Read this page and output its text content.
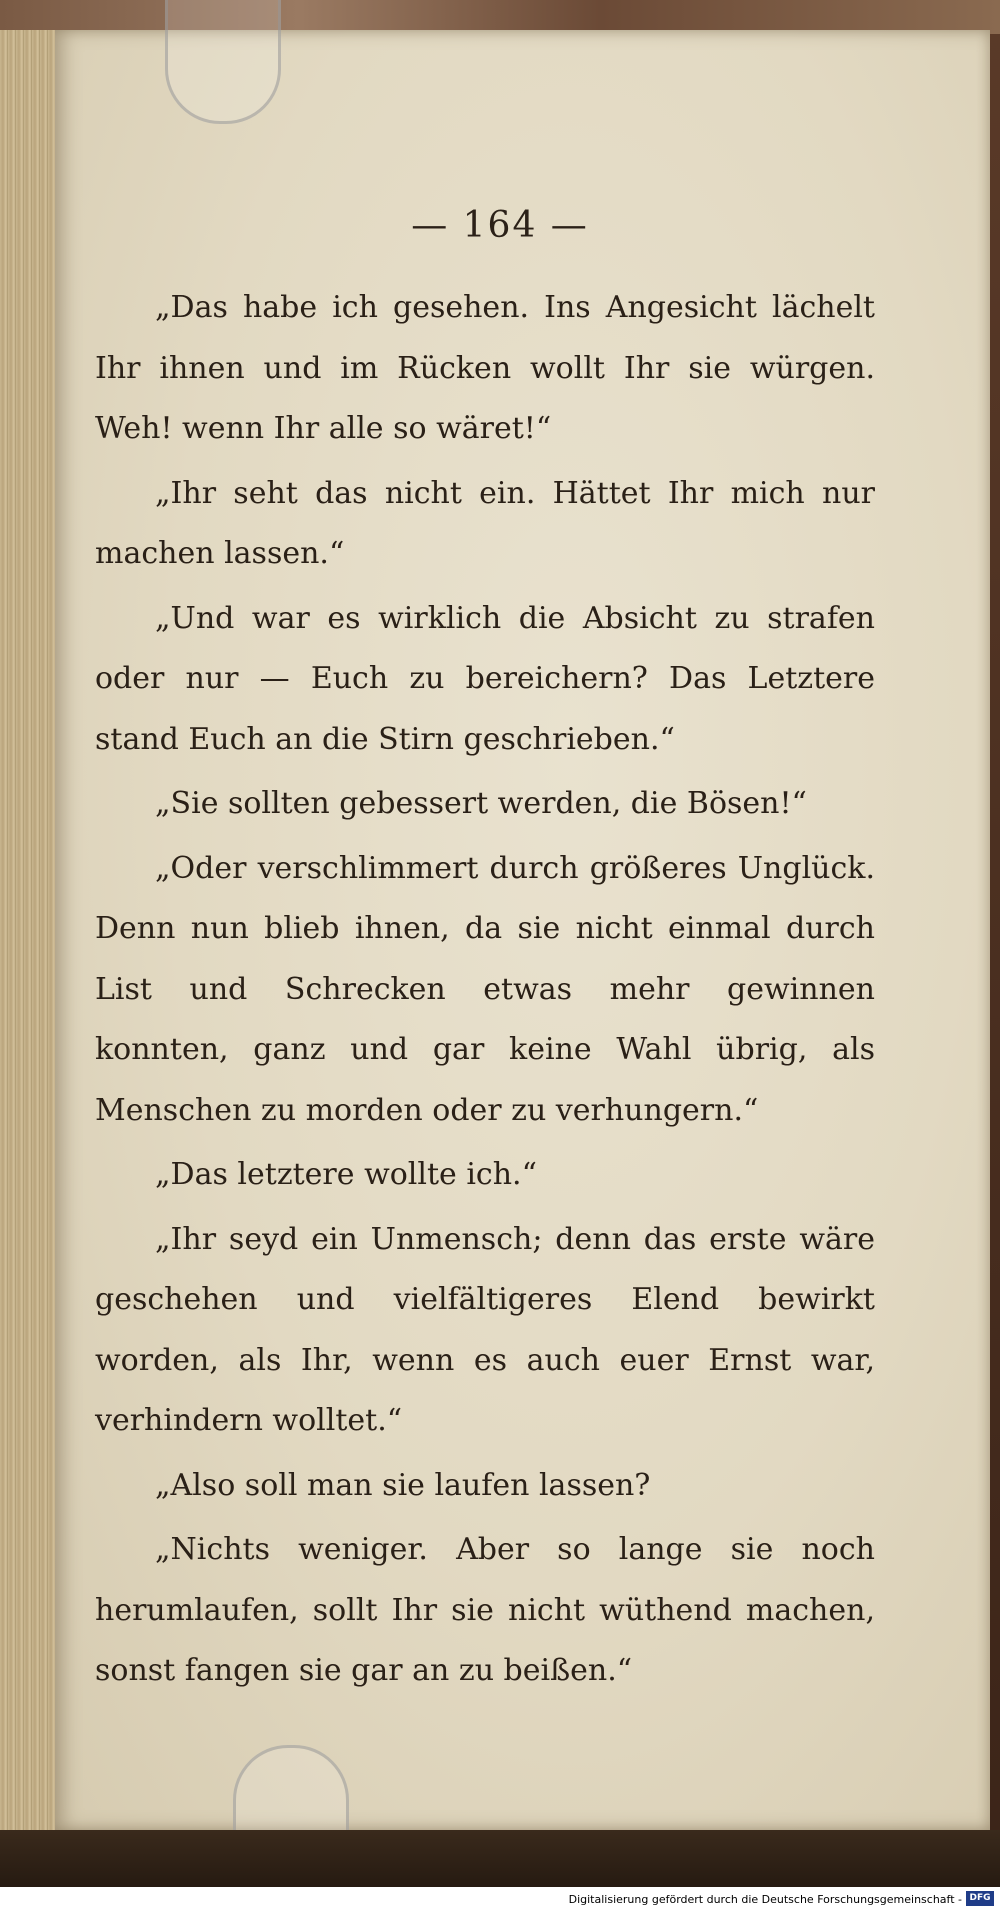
— 164 —

„Das habe ich gesehen. Ins Angesicht lächelt Ihr ihnen und im Rücken wollt Ihr sie würgen. Weh! wenn Ihr alle so wäret!“

„Ihr seht das nicht ein. Hättet Ihr mich nur machen lassen.“

„Und war es wirklich die Absicht zu strafen oder nur — Euch zu bereichern? Das Letztere stand Euch an die Stirn geschrieben.“

„Sie sollten gebessert werden, die Bösen!“

„Oder verschlimmert durch größeres Unglück. Denn nun blieb ihnen, da sie nicht einmal durch List und Schrecken etwas mehr gewinnen konnten, ganz und gar keine Wahl übrig, als Menschen zu morden oder zu verhungern.“

„Das letztere wollte ich.“

„Ihr seyd ein Unmensch; denn das erste wäre geschehen und vielfältigeres Elend bewirkt worden, als Ihr, wenn es auch euer Ernst war, verhindern wolltet.“

„Also soll man sie laufen lassen?

„Nichts weniger. Aber so lange sie noch herumlaufen, sollt Ihr sie nicht wüthend machen, sonst fangen sie gar an zu beißen.“

Digitalisierung gefördert durch die Deutsche Forschungsgemeinschaft - DFG
